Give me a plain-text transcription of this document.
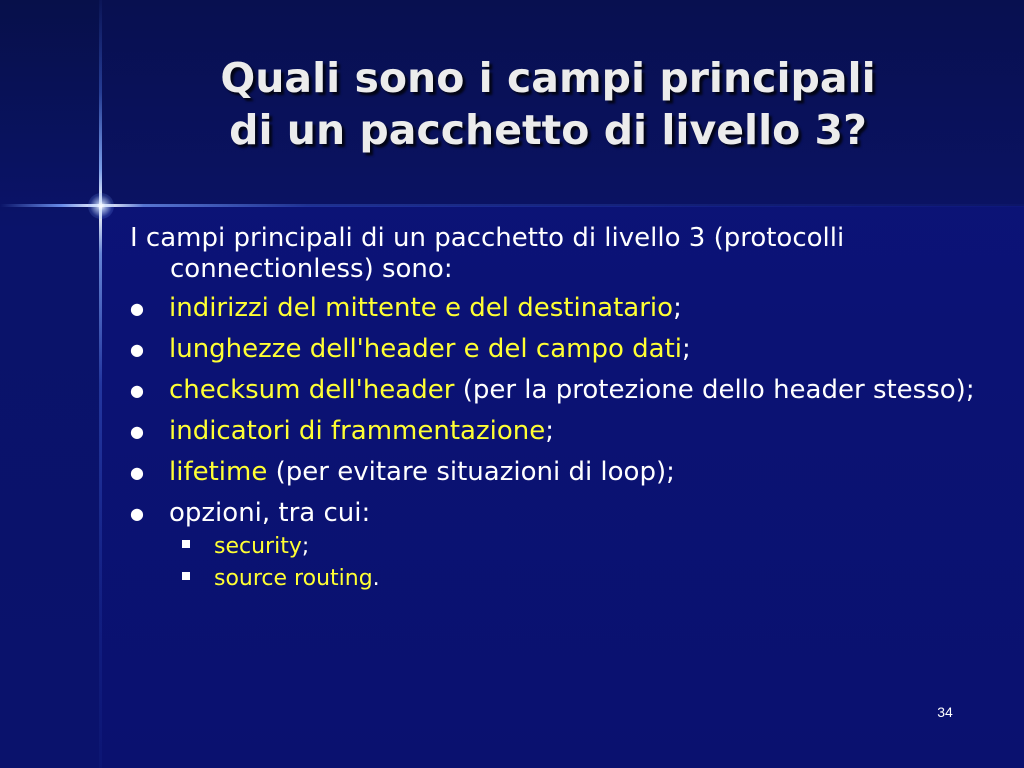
Quali sono i campi principali
di un pacchetto di livello 3?
I campi principali di un pacchetto di livello 3 (protocolli connectionless) sono:
● indirizzi del mittente e del destinatario;
● lunghezze dell'header e del campo dati;
● checksum dell'header (per la protezione dello header stesso);
● indicatori di frammentazione;
● lifetime (per evitare situazioni di loop);
● opzioni, tra cui:
security;
source routing.
34
